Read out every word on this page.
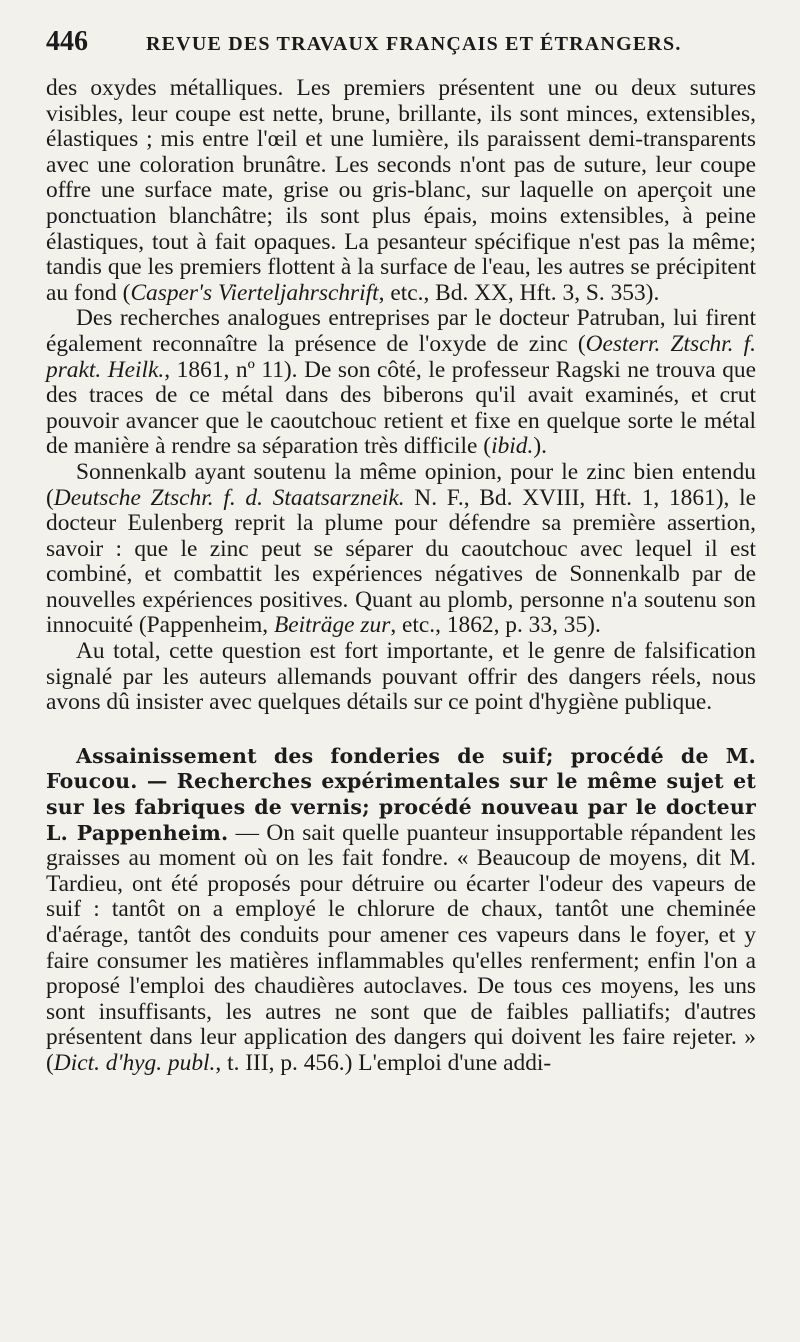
446	REVUE DES TRAVAUX FRANÇAIS ET ÉTRANGERS.

des oxydes métalliques. Les premiers présentent une ou deux sutures visibles, leur coupe est nette, brune, brillante, ils sont minces, extensibles, élastiques ; mis entre l'œil et une lumière, ils paraissent demi-transparents avec une coloration brunâtre. Les seconds n'ont pas de suture, leur coupe offre une surface mate, grise ou gris-blanc, sur laquelle on aperçoit une ponctuation blanchâtre; ils sont plus épais, moins extensibles, à peine élastiques, tout à fait opaques. La pesanteur spécifique n'est pas la même; tandis que les premiers flottent à la surface de l'eau, les autres se précipitent au fond (Casper's Vierteljahrschrift, etc., Bd. XX, Hft. 3, S. 353).

Des recherches analogues entreprises par le docteur Patruban, lui firent également reconnaître la présence de l'oxyde de zinc (Oesterr. Ztschr. f. prakt. Heilk., 1861, nº 11). De son côté, le professeur Ragski ne trouva que des traces de ce métal dans des biberons qu'il avait examinés, et crut pouvoir avancer que le caoutchouc retient et fixe en quelque sorte le métal de manière à rendre sa séparation très difficile (ibid.).

Sonnenkalb ayant soutenu la même opinion, pour le zinc bien entendu (Deutsche Ztschr. f. d. Staatsarzneik. N. F., Bd. XVIII, Hft. 1, 1861), le docteur Eulenberg reprit la plume pour défendre sa première assertion, savoir : que le zinc peut se séparer du caoutchouc avec lequel il est combiné, et combattit les expériences négatives de Sonnenkalb par de nouvelles expériences positives. Quant au plomb, personne n'a soutenu son innocuité (Pappenheim, Beiträge zur, etc., 1862, p. 33, 35).

Au total, cette question est fort importante, et le genre de falsification signalé par les auteurs allemands pouvant offrir des dangers réels, nous avons dû insister avec quelques détails sur ce point d'hygiène publique.

Assainissement des fonderies de suif; procédé de M. Foucou. — Recherches expérimentales sur le même sujet et sur les fabriques de vernis; procédé nouveau par le docteur L. Pappenheim. — On sait quelle puanteur insupportable répandent les graisses au moment où on les fait fondre. « Beaucoup de moyens, dit M. Tardieu, ont été proposés pour détruire ou écarter l'odeur des vapeurs de suif : tantôt on a employé le chlorure de chaux, tantôt une cheminée d'aérage, tantôt des conduits pour amener ces vapeurs dans le foyer, et y faire consumer les matières inflammables qu'elles renferment; enfin l'on a proposé l'emploi des chaudières autoclaves. De tous ces moyens, les uns sont insuffisants, les autres ne sont que de faibles palliatifs; d'autres présentent dans leur application des dangers qui doivent les faire rejeter. » (Dict. d'hyg. publ., t. III, p. 456.) L'emploi d'une addi-
